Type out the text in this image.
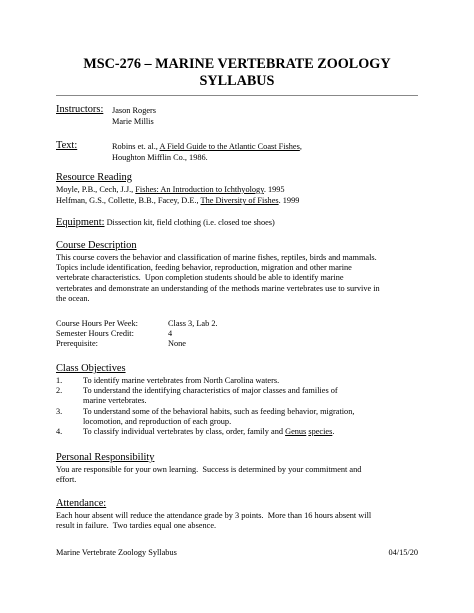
MSC-276 – MARINE VERTEBRATE ZOOLOGY
SYLLABUS
Instructors: Jason Rogers
Marie Millis
Text:	Robins et. al., A Field Guide to the Atlantic Coast Fishes,
Houghton Mifflin Co., 1986.
Resource Reading
Moyle, P.B., Cech, J.J., Fishes: An Introduction to Ichthyology. 1995
Helfman, G.S., Collette, B.B., Facey, D.E., The Diversity of Fishes. 1999
Equipment: Dissection kit, field clothing (i.e. closed toe shoes)
Course Description
This course covers the behavior and classification of marine fishes, reptiles, birds and mammals.
Topics include identification, feeding behavior, reproduction, migration and other marine
vertebrate characteristics.  Upon completion students should be able to identify marine
vertebrates and demonstrate an understanding of the methods marine vertebrates use to survive in
the ocean.
Course Hours Per Week:	Class 3, Lab 2.
Semester Hours Credit:	4
Prerequisite:	None
Class Objectives
1.	To identify marine vertebrates from North Carolina waters.
2.	To understand the identifying characteristics of major classes and families of
marine vertebrates.
3.	To understand some of the behavioral habits, such as feeding behavior, migration,
locomotion, and reproduction of each group.
4.	To classify individual vertebrates by class, order, family and Genus species.
Personal Responsibility
You are responsible for your own learning.  Success is determined by your commitment and
effort.
Attendance:
Each hour absent will reduce the attendance grade by 3 points.  More than 16 hours absent will
result in failure.  Two tardies equal one absence.
Marine Vertebrate Zoology Syllabus	04/15/20
